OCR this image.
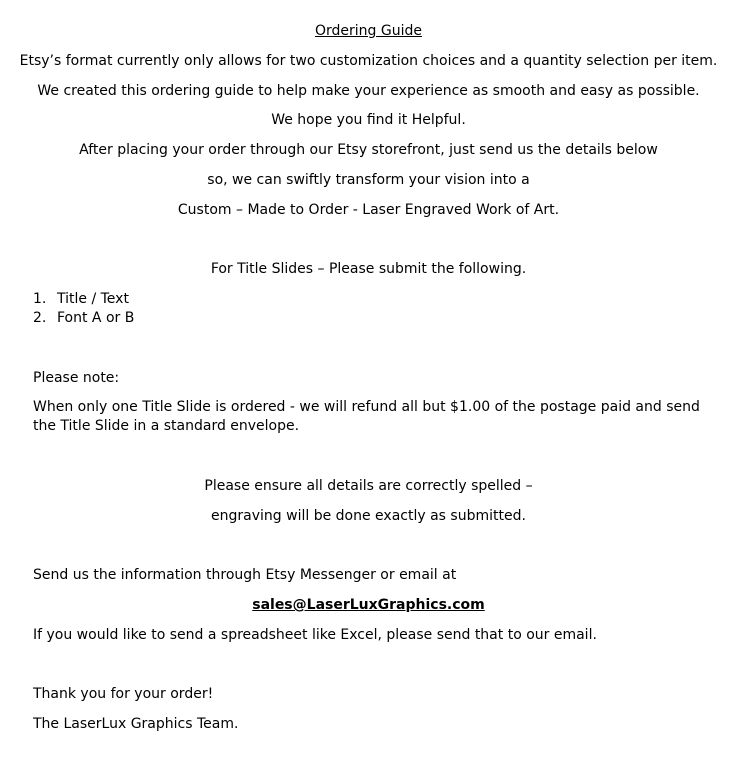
Ordering Guide
Etsy’s format currently only allows for two customization choices and a quantity selection per item.
We created this ordering guide to help make your experience as smooth and easy as possible.
We hope you find it Helpful.
After placing your order through our Etsy storefront, just send us the details below
so, we can swiftly transform your vision into a
Custom – Made to Order - Laser Engraved Work of Art.
For Title Slides – Please submit the following.
1. Title / Text
2. Font A or B
Please note:
When only one Title Slide is ordered - we will refund all but $1.00 of the postage paid and send the Title Slide in a standard envelope.
Please ensure all details are correctly spelled –
engraving will be done exactly as submitted.
Send us the information through Etsy Messenger or email at
sales@LaserLuxGraphics.com
If you would like to send a spreadsheet like Excel, please send that to our email.
Thank you for your order!
The LaserLux Graphics Team.
